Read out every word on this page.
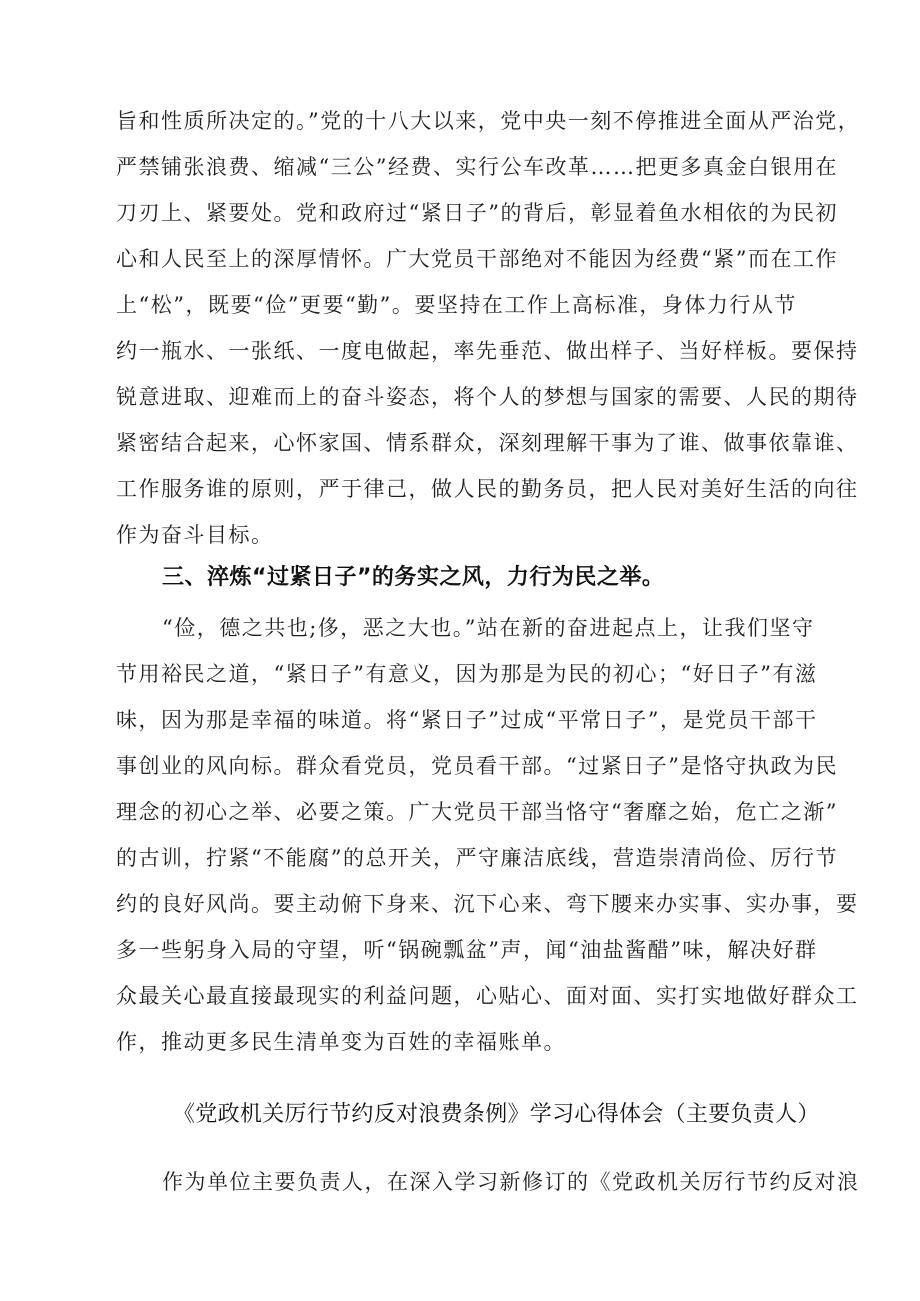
旨和性质所决定的。”党的十八大以来，党中央一刻不停推进全面从严治党，
严禁铺张浪费、缩减“三公”经费、实行公车改革……把更多真金白银用在
刀刃上、紧要处。党和政府过“紧日子”的背后，彰显着鱼水相依的为民初
心和人民至上的深厚情怀。广大党员干部绝对不能因为经费“紧”而在工作
上“松”，既要“俭”更要“勤”。要坚持在工作上高标准，身体力行从节
约一瓶水、一张纸、一度电做起，率先垂范、做出样子、当好样板。要保持
锐意进取、迎难而上的奋斗姿态，将个人的梦想与国家的需要、人民的期待
紧密结合起来，心怀家国、情系群众，深刻理解干事为了谁、做事依靠谁、
工作服务谁的原则，严于律己，做人民的勤务员，把人民对美好生活的向往
作为奋斗目标。
三、淬炼“过紧日子”的务实之风，力行为民之举。
“俭，德之共也;侈，恶之大也。”站在新的奋进起点上，让我们坚守
节用裕民之道，“紧日子”有意义，因为那是为民的初心；“好日子”有滋
味，因为那是幸福的味道。将“紧日子”过成“平常日子”，是党员干部干
事创业的风向标。群众看党员，党员看干部。“过紧日子”是恪守执政为民
理念的初心之举、必要之策。广大党员干部当恪守“奢靡之始，危亡之渐”
的古训，拧紧“不能腐”的总开关，严守廉洁底线，营造崇清尚俭、厉行节
约的良好风尚。要主动俯下身来、沉下心来、弯下腰来办实事、实办事，要
多一些躬身入局的守望，听“锅碗瓢盆”声，闻“油盐酱醋”味，解决好群
众最关心最直接最现实的利益问题，心贴心、面对面、实打实地做好群众工
作，推动更多民生清单变为百姓的幸福账单。
《党政机关厉行节约反对浪费条例》学习心得体会（主要负责人）
作为单位主要负责人，在深入学习新修订的《党政机关厉行节约反对浪
